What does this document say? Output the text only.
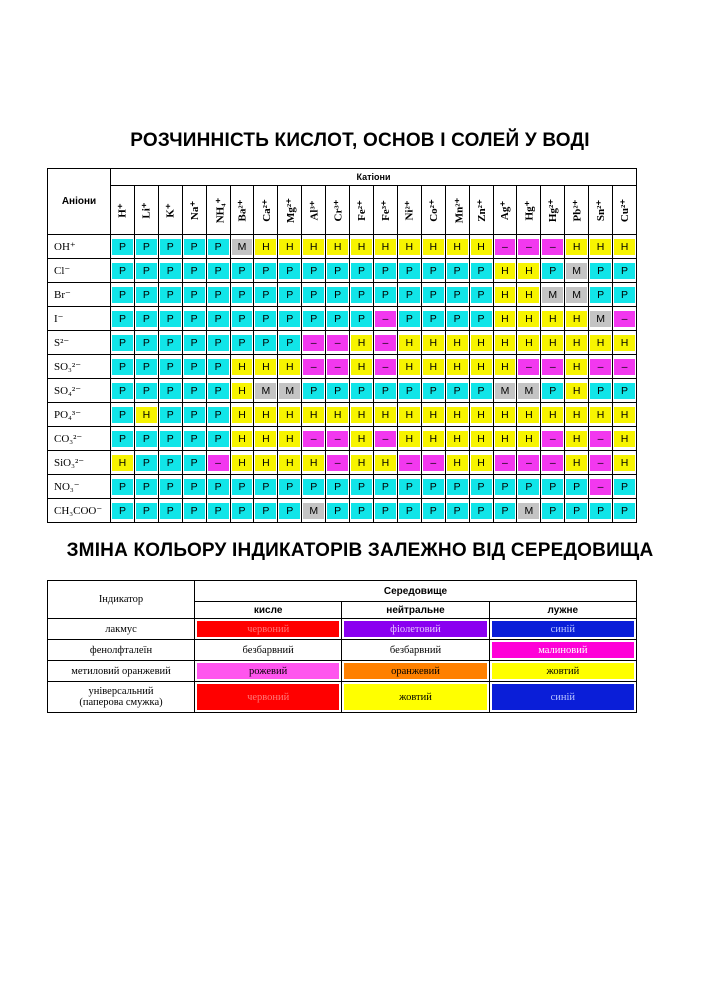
РОЗЧИННІСТЬ КИСЛОТ, ОСНОВ І СОЛЕЙ У ВОДІ
Аніони	Катіони																					
	H⁺	Li⁺	K⁺	Na⁺	NH₄⁺	Ba²⁺	Ca²⁺	Mg²⁺	Al³⁺	Cr³⁺	Fe²⁺	Fe³⁺	Ni²⁺	Co²⁺	Mn²⁺	Zn²⁺	Ag⁺	Hg⁺	Hg²⁺	Pb²⁺	Sn²⁺	Cu²⁺
OH⁺	Р	Р	Р	Р	Р	М	Н	Н	Н	Н	Н	Н	Н	Н	Н	Н	–	–	–	Н	Н	Н

Cl⁻	Р	Р	Р	Р	Р	Р	Р	Р	Р	Р	Р	Р	Р	Р	Р	Р	Н	Н	Р	М	Р	Р

Br⁻	Р	Р	Р	Р	Р	Р	Р	Р	Р	Р	Р	Р	Р	Р	Р	Р	Н	Н	М	М	Р	Р

I⁻	Р	Р	Р	Р	Р	Р	Р	Р	Р	Р	Р	–	Р	Р	Р	Р	Н	Н	Н	Н	М	–

S²⁻	Р	Р	Р	Р	Р	Р	Р	Р	–	–	Н	–	Н	Н	Н	Н	Н	Н	Н	Н	Н	Н

SO₃²⁻	Р	Р	Р	Р	Р	Н	Н	Н	–	–	Н	–	Н	Н	Н	Н	Н	–	–	Н	–	–

SO₄²⁻	Р	Р	Р	Р	Р	Н	М	М	Р	Р	Р	Р	Р	Р	Р	Р	М	М	Р	Н	Р	Р

PO₄³⁻	Р	Н	Р	Р	Р	Н	Н	Н	Н	Н	Н	Н	Н	Н	Н	Н	Н	Н	Н	Н	Н	Н

CO₃²⁻	Р	Р	Р	Р	Р	Н	Н	Н	–	–	Н	–	Н	Н	Н	Н	Н	Н	–	Н	–	Н

SiO₃²⁻	Н	Р	Р	Р	–	Н	Н	Н	Н	–	Н	Н	–	–	Н	Н	–	–	–	Н	–	Н

NO₃⁻	Р	Р	Р	Р	Р	Р	Р	Р	Р	Р	Р	Р	Р	Р	Р	Р	Р	Р	Р	Р	–	Р

CH₃COO⁻	Р	Р	Р	Р	Р	Р	Р	Р	М	Р	Р	Р	Р	Р	Р	Р	Р	М	Р	Р	Р	Р
ЗМІНА КОЛЬОРУ ІНДИКАТОРІВ ЗАЛЕЖНО ВІД СЕРЕДОВИЩА
Індикатор	Середовище		
	кисле	нейтральне	лужне
лакмус	червоний	фіолетовий	синій

фенолфталеїн	безбарвний	безбарвний	малиновий

метиловий оранжевий	рожевий	оранжевий	жовтий

універсальний
(паперова смужка)	червоний	жовтий	синій
